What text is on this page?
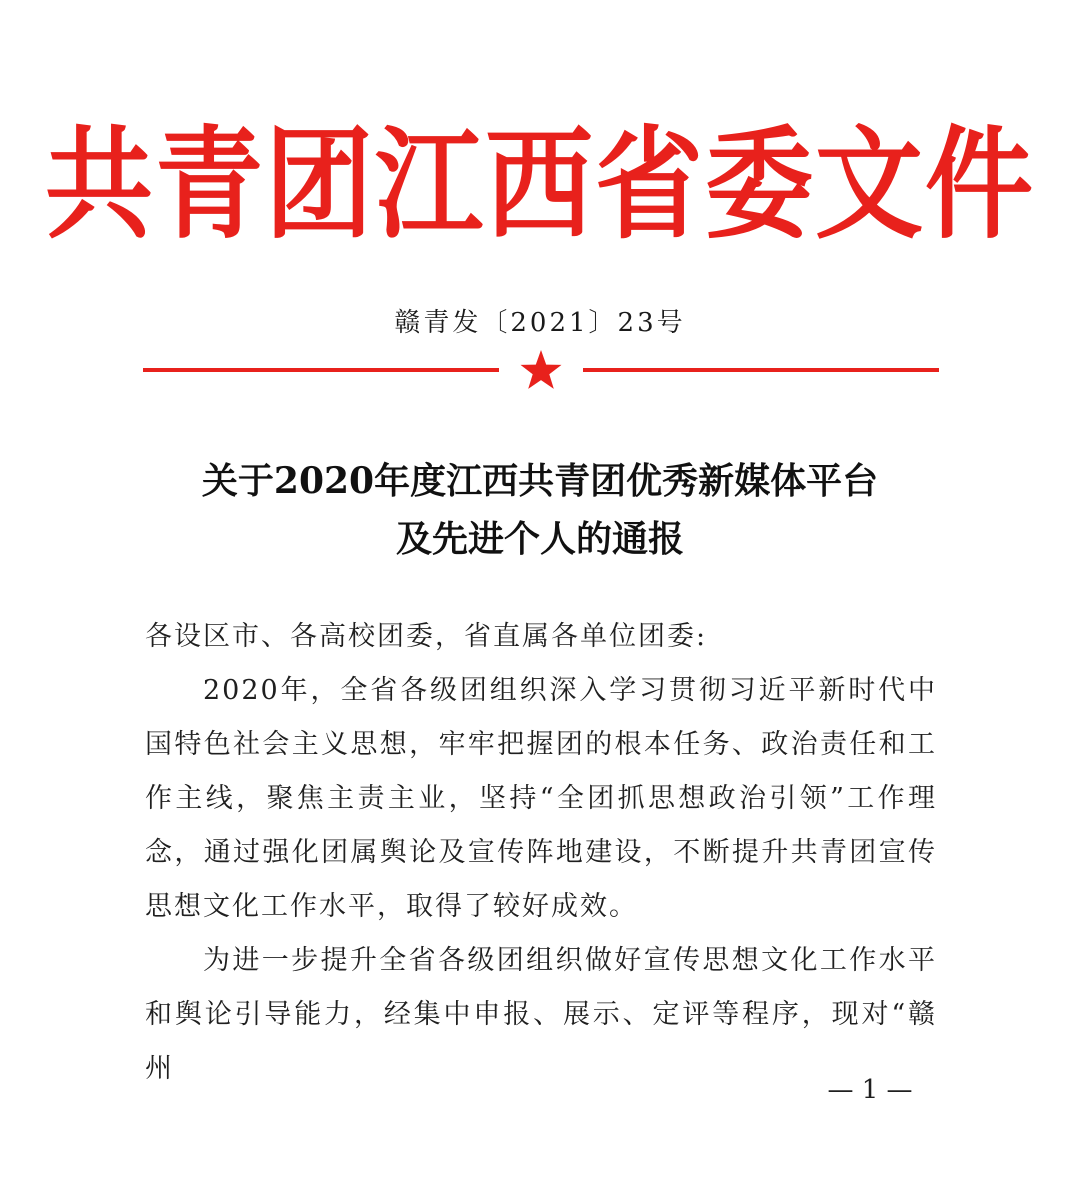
共青团江西省委文件
赣青发〔2021〕23号
关于2020年度江西共青团优秀新媒体平台
及先进个人的通报

各设区市、各高校团委，省直属各单位团委:

2020年，全省各级团组织深入学习贯彻习近平新时代中国特色社会主义思想，牢牢把握团的根本任务、政治责任和工作主线，聚焦主责主业，坚持“全团抓思想政治引领”工作理念，通过强化团属舆论及宣传阵地建设，不断提升共青团宣传思想文化工作水平，取得了较好成效。

为进一步提升全省各级团组织做好宣传思想文化工作水平和舆论引导能力，经集中申报、展示、定评等程序，现对“赣州

— 1 —
